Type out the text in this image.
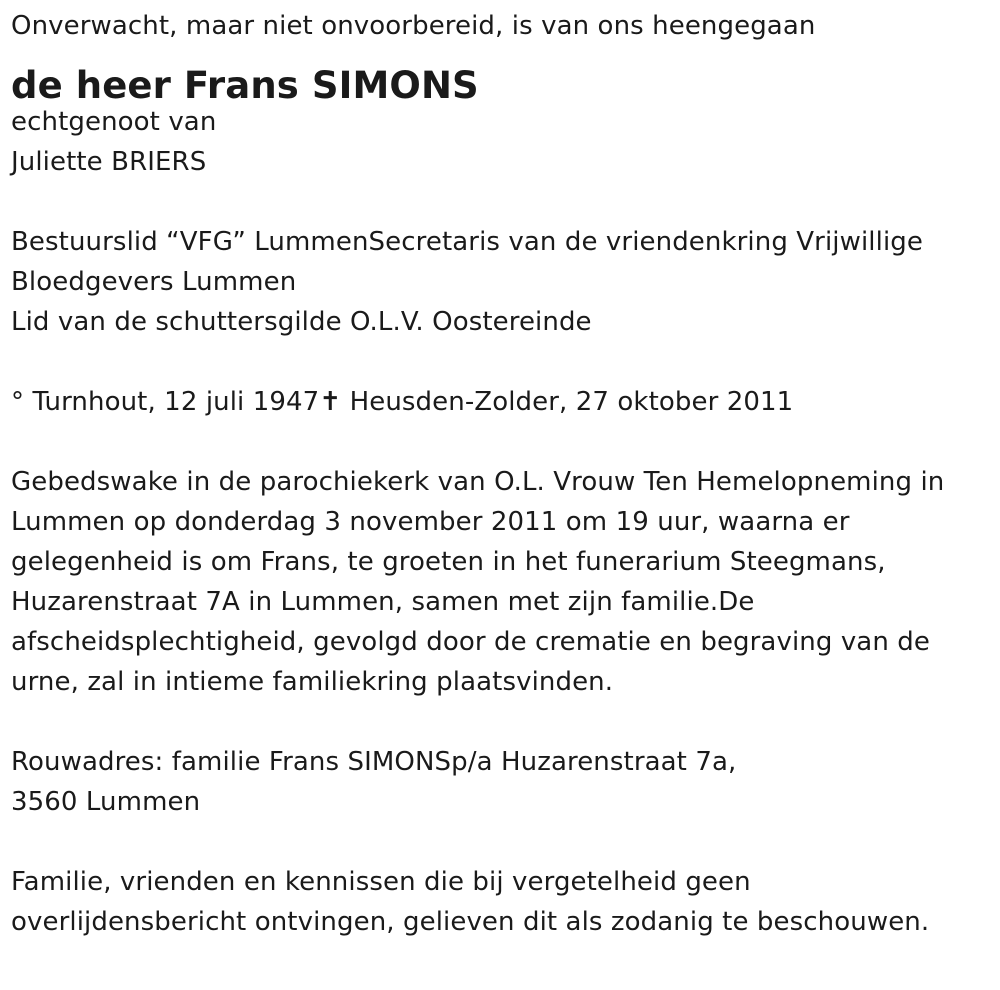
Onverwacht, maar niet onvoorbereid, is van ons heengegaan
de heer Frans SIMONS
echtgenoot van
Juliette BRIERS
Bestuurslid “VFG” LummenSecretaris van de vriendenkring Vrijwillige
Bloedgevers Lummen
Lid van de schuttersgilde O.L.V. Oostereinde
° Turnhout, 12 juli 1947✝ Heusden-Zolder, 27 oktober 2011
Gebedswake in de parochiekerk van O.L. Vrouw Ten Hemelopneming in
Lummen op donderdag 3 november 2011 om 19 uur, waarna er
gelegenheid is om Frans, te groeten in het funerarium Steegmans,
Huzarenstraat 7A in Lummen, samen met zijn familie.De
afscheidsplechtigheid, gevolgd door de crematie en begraving van de
urne, zal in intieme familiekring plaatsvinden.
Rouwadres: familie Frans SIMONSp/a Huzarenstraat 7a,
3560 Lummen
Familie, vrienden en kennissen die bij vergetelheid geen
overlijdensbericht ontvingen, gelieven dit als zodanig te beschouwen.
